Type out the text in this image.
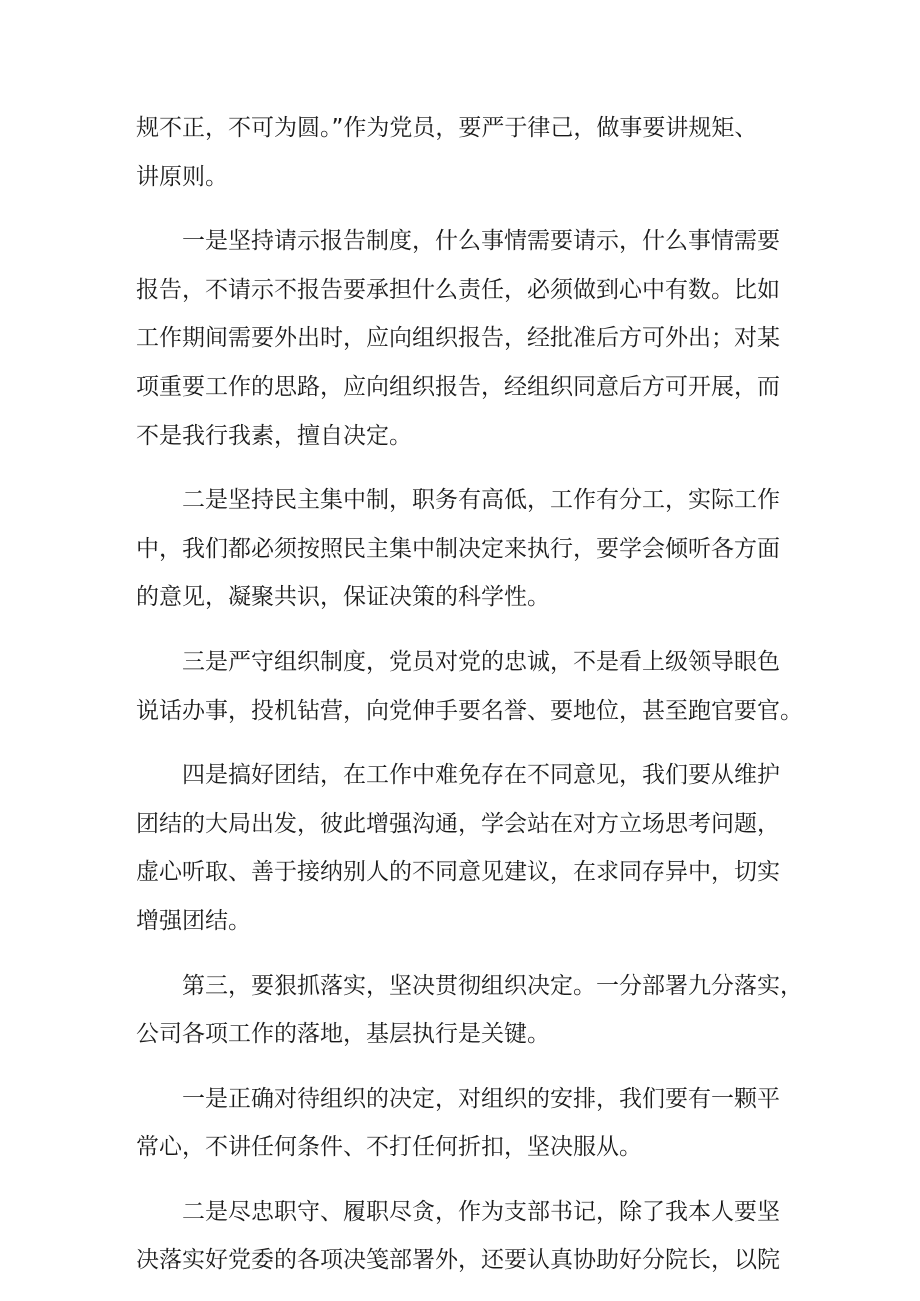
规不正，不可为圆。”作为党员，要严于律己，做事要讲规矩、
讲原则。

一是坚持请示报告制度，什么事情需要请示，什么事情需要
报告，不请示不报告要承担什么责任，必须做到心中有数。比如
工作期间需要外出时，应向组织报告，经批准后方可外出；对某
项重要工作的思路，应向组织报告，经组织同意后方可开展，而
不是我行我素，擅自决定。

二是坚持民主集中制，职务有高低，工作有分工，实际工作
中，我们都必须按照民主集中制决定来执行，要学会倾听各方面
的意见，凝聚共识，保证决策的科学性。

三是严守组织制度，党员对党的忠诚，不是看上级领导眼色
说话办事，投机钻营，向党伸手要名誉、要地位，甚至跑官要官。

四是搞好团结，在工作中难免存在不同意见，我们要从维护
团结的大局出发，彼此增强沟通，学会站在对方立场思考问题，
虚心听取、善于接纳别人的不同意见建议，在求同存异中，切实
增强团结。

第三，要狠抓落实，坚决贯彻组织决定。一分部署九分落实，
公司各项工作的落地，基层执行是关键。

一是正确对待组织的决定，对组织的安排，我们要有一颗平
常心，不讲任何条件、不打任何折扣，坚决服从。

二是尽忠职守、履职尽贪，作为支部书记，除了我本人要坚
决落实好党委的各项决笺部署外，还要认真协助好分院长，以院
